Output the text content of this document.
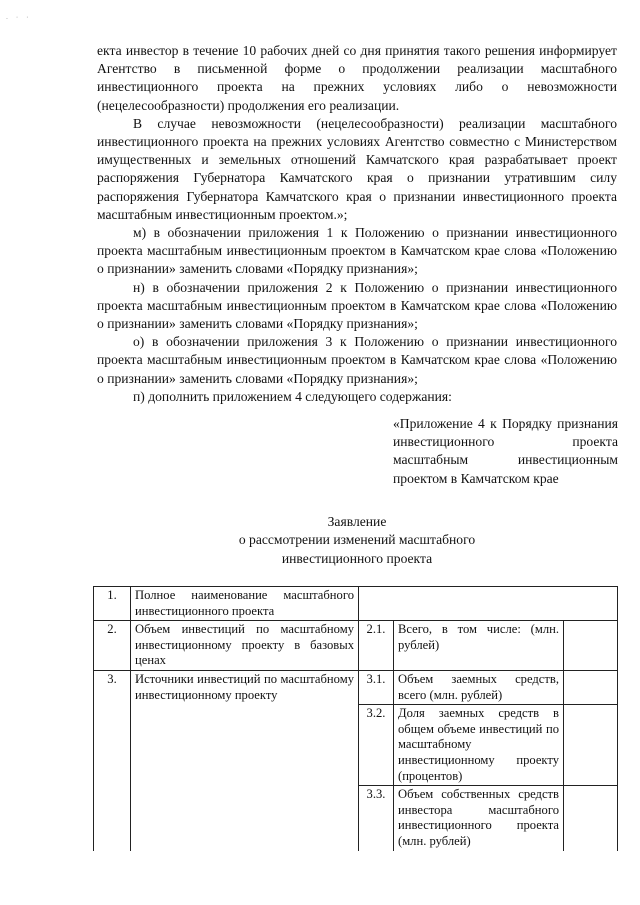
. · ·

екта инвестор в течение 10 рабочих дней со дня принятия такого решения информирует Агентство в письменной форме о продолжении реализации масштабного инвестиционного проекта на прежних условиях либо о невозможности (нецелесообразности) продолжения его реализации.

В случае невозможности (нецелесообразности) реализации масштабного инвестиционного проекта на прежних условиях Агентство совместно с Министерством имущественных и земельных отношений Камчатского края разрабатывает проект распоряжения Губернатора Камчатского края о признании утратившим силу распоряжения Губернатора Камчатского края о признании инвестиционного проекта масштабным инвестиционным проектом.»;

м) в обозначении приложения 1 к Положению о признании инвестиционного проекта масштабным инвестиционным проектом в Камчатском крае слова «Положению о признании» заменить словами «Порядку признания»;

н) в обозначении приложения 2 к Положению о признании инвестиционного проекта масштабным инвестиционным проектом в Камчатском крае слова «Положению о признании» заменить словами «Порядку признания»;

о) в обозначении приложения 3 к Положению о признании инвестиционного проекта масштабным инвестиционным проектом в Камчатском крае слова «Положению о признании» заменить словами «Порядку признания»;

п) дополнить приложением 4 следующего содержания:

«Приложение 4 к Порядку признания инвестиционного проекта масштабным инвестиционным проектом в Камчатском крае
Заявление
о рассмотрении изменений масштабного
инвестиционного проекта
1.	Полное наименование масштабного инвестиционного проекта			
2.	Объем инвестиций по масштабному инвестиционному проекту в базовых ценах	2.1.	Всего, в том числе: (млн. рублей)	
3.	Источники инвестиций по масштабному инвестиционному проекту	3.1.	Объем заемных средств, всего (млн. рублей)	
		3.2.	Доля заемных средств в общем объеме инвестиций по масштабному инвестиционному проекту (процентов)	
		3.3.	Объем собственных средств инвестора масштабного инвестиционного проекта (млн. рублей)	
